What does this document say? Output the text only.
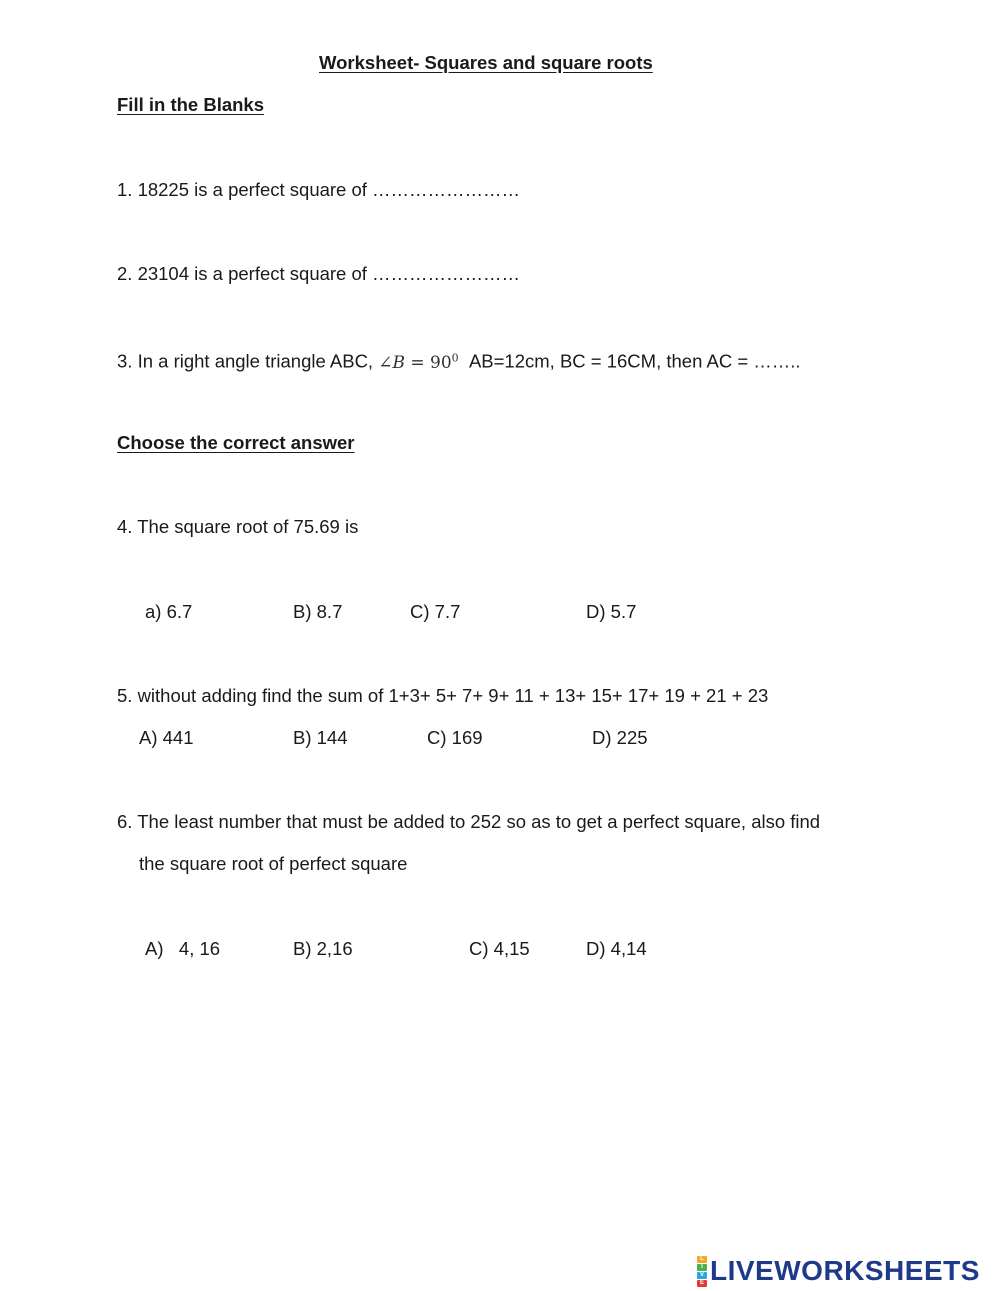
Worksheet- Squares and square roots
Fill in the Blanks
1. 18225 is a perfect square of ……………………
2. 23104 is a perfect square of ……………………
3. In a right angle triangle ABC, ∠B = $90^0$ AB=12cm, BC = 16CM, then AC = ……..
Choose the correct answer
4. The square root of 75.69 is
a) 6.7	B) 8.7	C) 7.7	D) 5.7
5. without adding find the sum of 1+3+ 5+ 7+ 9+ 11 + 13+ 15+ 17+ 19 + 21 + 23
A) 441	B) 144	C) 169	D) 225
6. The least number that must be added to 252 so as to get a perfect square, also find
the square root of perfect square
A)   4, 16	B) 2,16	C) 4,15	D) 4,14
L
I
V
E LIVEWORKSHEETS
